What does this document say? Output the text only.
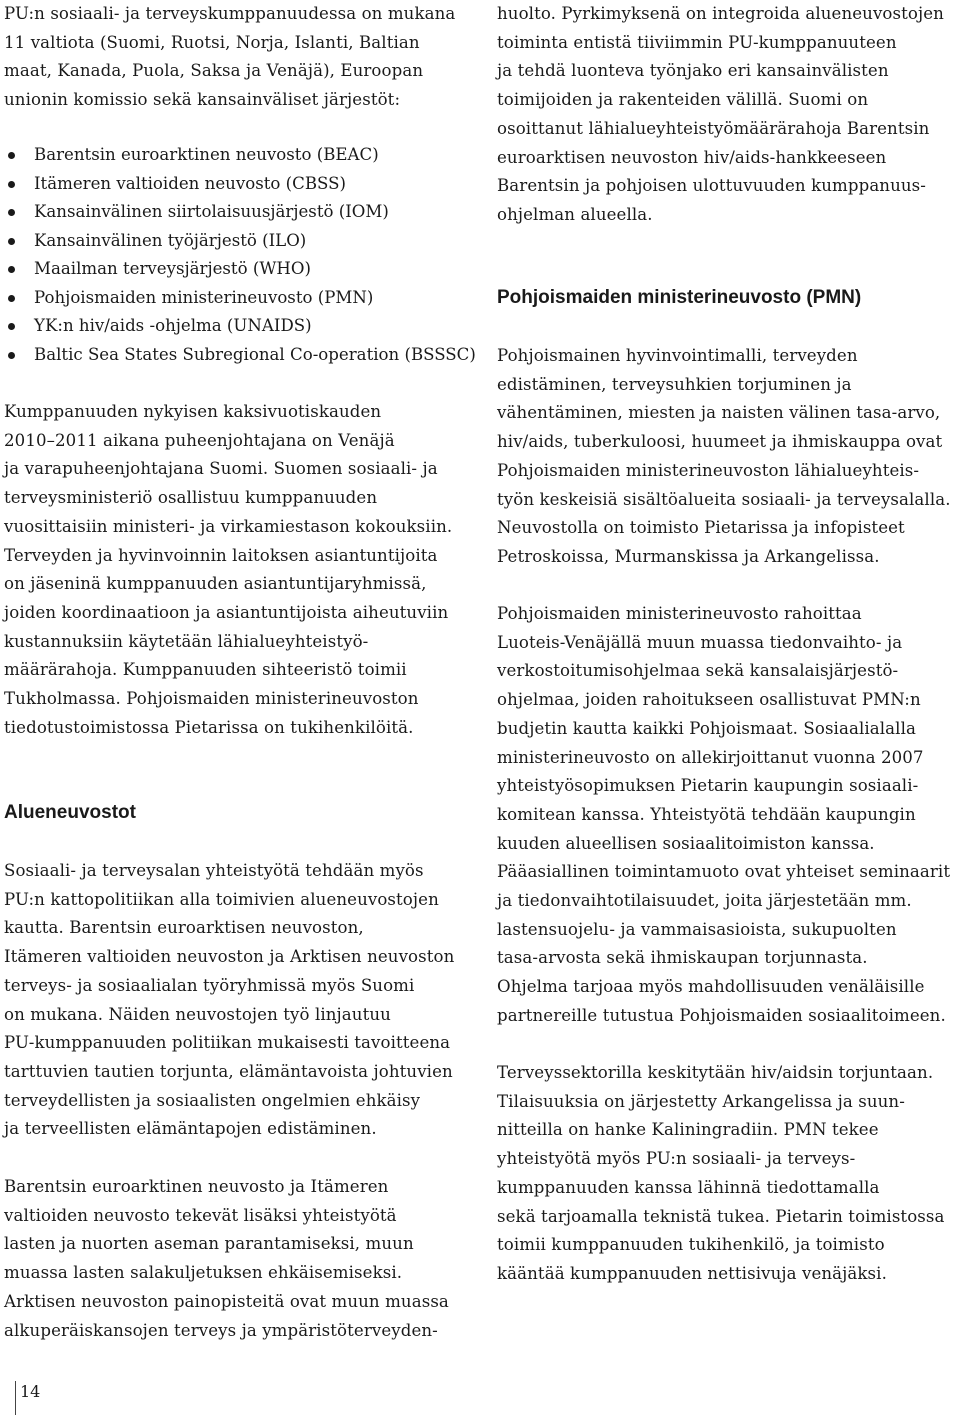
PU:n sosiaali- ja terveyskumppanuudessa on mukana
11 valtiota (Suomi, Ruotsi, Norja, Islanti, Baltian
maat, Kanada, Puola, Saksa ja Venäjä), Euroopan
unionin komissio sekä kansainväliset järjestöt:

Barentsin euroarktinen neuvosto (BEAC)
Itämeren valtioiden neuvosto (CBSS)
Kansainvälinen siirtolaisuusjärjestö (IOM)
Kansainvälinen työjärjestö (ILO)
Maailman terveysjärjestö (WHO)
Pohjoismaiden ministerineuvosto (PMN)
YK:n hiv/aids -ohjelma (UNAIDS)
Baltic Sea States Subregional Co-operation (BSSSC)

Kumppanuuden nykyisen kaksivuotiskauden
2010–2011 aikana puheenjohtajana on Venäjä
ja varapuheenjohtajana Suomi. Suomen sosiaali- ja
terveysministeriö osallistuu kumppanuuden
vuosittaisiin ministeri- ja virkamiestason kokouksiin.
Terveyden ja hyvinvoinnin laitoksen asiantuntijoita
on jäseninä kumppanuuden asiantuntijaryhmissä,
joiden koordinaatioon ja asiantuntijoista aiheutuviin
kustannuksiin käytetään lähialueyhteistyö-
määrärahoja. Kumppanuuden sihteeristö toimii
Tukholmassa. Pohjoismaiden ministerineuvoston
tiedotustoimistossa Pietarissa on tukihenkilöitä.

Alueneuvostot

Sosiaali- ja terveysalan yhteistyötä tehdään myös
PU:n kattopolitiikan alla toimivien alueneuvostojen
kautta. Barentsin euroarktisen neuvoston,
Itämeren valtioiden neuvoston ja Arktisen neuvoston
terveys- ja sosiaalialan työryhmissä myös Suomi
on mukana. Näiden neuvostojen työ linjautuu
PU-kumppanuuden politiikan mukaisesti tavoitteena
tarttuvien tautien torjunta, elämäntavoista johtuvien
terveydellisten ja sosiaalisten ongelmien ehkäisy
ja terveellisten elämäntapojen edistäminen.

Barentsin euroarktinen neuvosto ja Itämeren
valtioiden neuvosto tekevät lisäksi yhteistyötä
lasten ja nuorten aseman parantamiseksi, muun
muassa lasten salakuljetuksen ehkäisemiseksi.
Arktisen neuvoston painopisteitä ovat muun muassa
alkuperäiskansojen terveys ja ympäristöterveyden-

huolto. Pyrkimyksenä on integroida alueneuvostojen
toiminta entistä tiiviimmin PU-kumppanuuteen
ja tehdä luonteva työnjako eri kansainvälisten
toimijoiden ja rakenteiden välillä. Suomi on
osoittanut lähialueyhteistyömäärärahoja Barentsin
euroarktisen neuvoston hiv/aids-hankkeeseen
Barentsin ja pohjoisen ulottuvuuden kumppanuus-
ohjelman alueella.

Pohjoismaiden ministerineuvosto (PMN)

Pohjoismainen hyvinvointimalli, terveyden
edistäminen, terveysuhkien torjuminen ja
vähentäminen, miesten ja naisten välinen tasa-arvo,
hiv/aids, tuberkuloosi, huumeet ja ihmiskauppa ovat
Pohjoismaiden ministerineuvoston lähialueyhteis-
työn keskeisiä sisältöalueita sosiaali- ja terveysalalla.
Neuvostolla on toimisto Pietarissa ja infopisteet
Petroskoissa, Murmanskissa ja Arkangelissa.

Pohjoismaiden ministerineuvosto rahoittaa
Luoteis-Venäjällä muun muassa tiedonvaihto- ja
verkostoitumisohjelmaa sekä kansalaisjärjestö-
ohjelmaa, joiden rahoitukseen osallistuvat PMN:n
budjetin kautta kaikki Pohjoismaat. Sosiaalialalla
ministerineuvosto on allekirjoittanut vuonna 2007
yhteistyösopimuksen Pietarin kaupungin sosiaali-
komitean kanssa. Yhteistyötä tehdään kaupungin
kuuden alueellisen sosiaalitoimiston kanssa.
Pääasiallinen toimintamuoto ovat yhteiset seminaarit
ja tiedonvaihtotilaisuudet, joita järjestetään mm.
lastensuojelu- ja vammaisasioista, sukupuolten
tasa-arvosta sekä ihmiskaupan torjunnasta.
Ohjelma tarjoaa myös mahdollisuuden venäläisille
partnereille tutustua Pohjoismaiden sosiaalitoimeen.

Terveyssektorilla keskitytään hiv/aidsin torjuntaan.
Tilaisuuksia on järjestetty Arkangelissa ja suun-
nitteilla on hanke Kaliningradiin. PMN tekee
yhteistyötä myös PU:n sosiaali- ja terveys-
kumppanuuden kanssa lähinnä tiedottamalla
sekä tarjoamalla teknistä tukea. Pietarin toimistossa
toimii kumppanuuden tukihenkilö, ja toimisto
kääntää kumppanuuden nettisivuja venäjäksi.

14
